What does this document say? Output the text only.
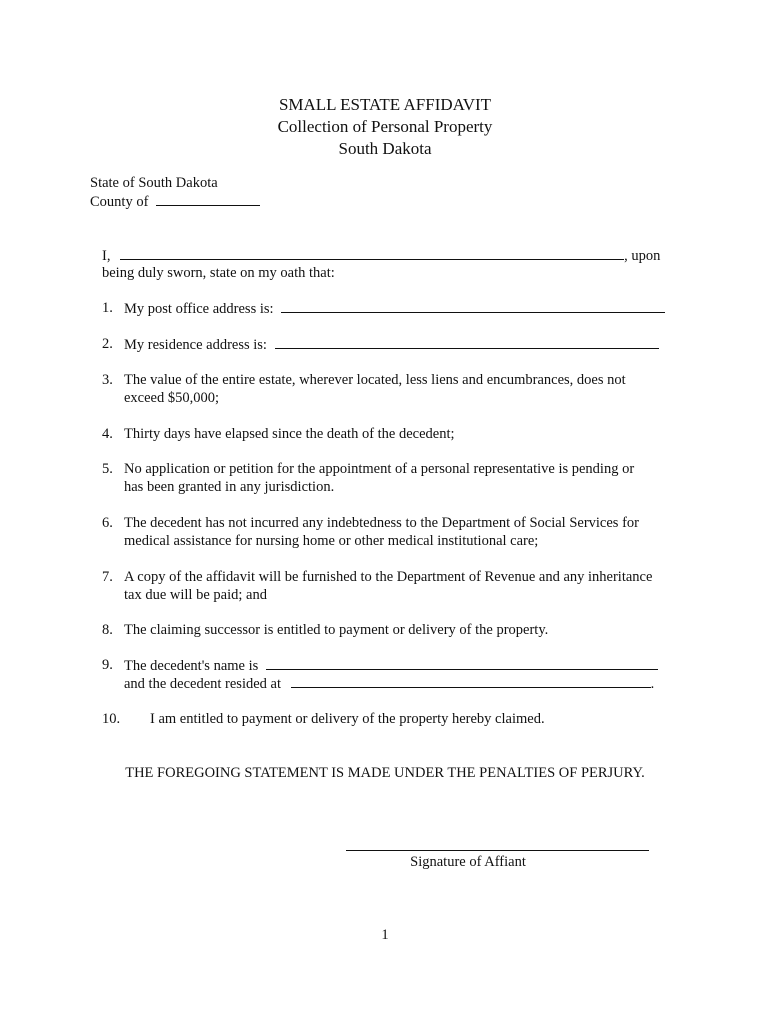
SMALL ESTATE AFFIDAVIT
Collection of Personal Property
South Dakota
State of South Dakota
County of
I,	, upon
being duly sworn, state on my oath that:
1. My post office address is:
2. My residence address is:
3. The value of the entire estate, wherever located, less liens and encumbrances, does not
exceed $50,000;
4. Thirty days have elapsed since the death of the decedent;
5. No application or petition for the appointment of a personal representative is pending or
has been granted in any jurisdiction.
6. The decedent has not incurred any indebtedness to the Department of Social Services for
medical assistance for nursing home or other medical institutional care;
7. A copy of the affidavit will be furnished to the Department of Revenue and any inheritance
tax due will be paid; and
8. The claiming successor is entitled to payment or delivery of the property.
9. The decedent's name is
and the decedent resided at	.
10. I am entitled to payment or delivery of the property hereby claimed.
THE FOREGOING STATEMENT IS MADE UNDER THE PENALTIES OF PERJURY.
Signature of Affiant
1
